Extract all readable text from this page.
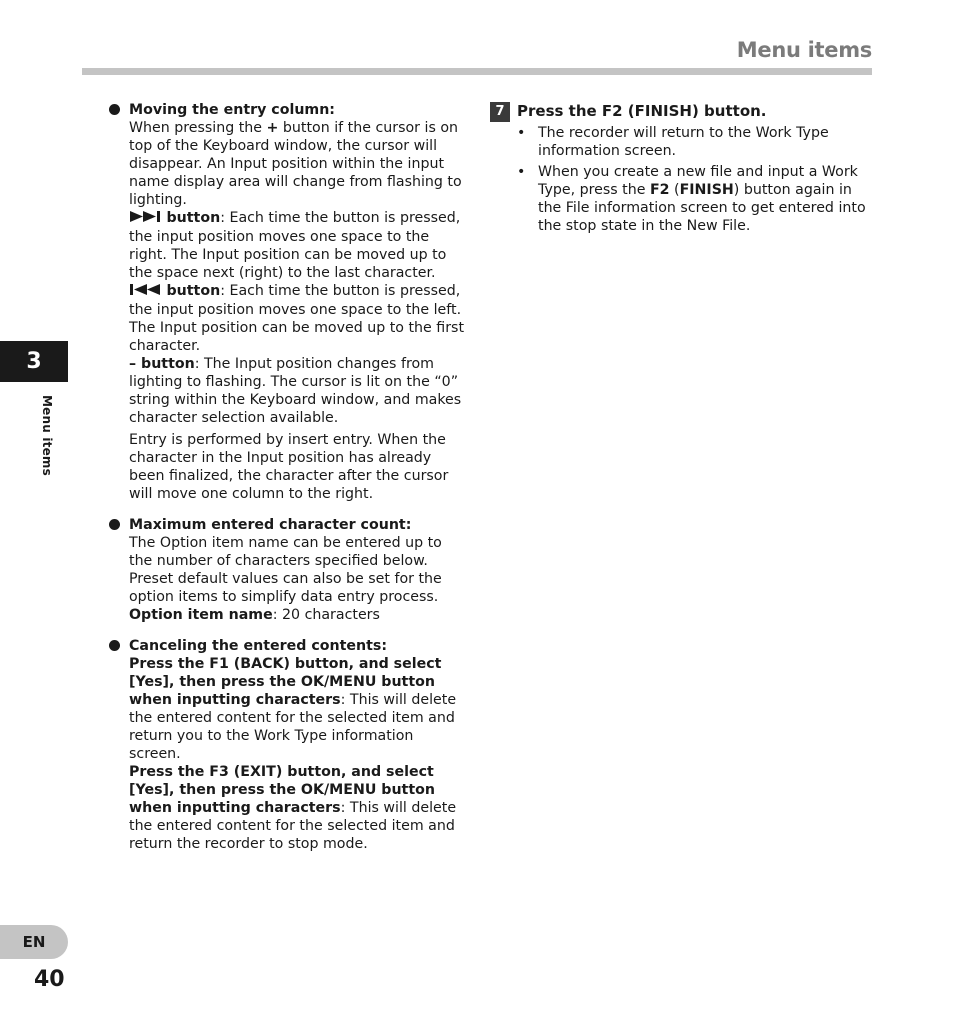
Menu items
3
Menu items
EN
40

Moving the entry column:

When pressing the + button if the cursor is on top of the Keyboard window, the cursor will disappear. An Input position within the input name display area will change from flashing to lighting.

button: Each time the button is pressed, the input position moves one space to the right. The Input position can be moved up to the space next (right) to the last character.

button: Each time the button is pressed, the input position moves one space to the left. The Input position can be moved up to the first character.

– button: The Input position changes from lighting to flashing. The cursor is lit on the “0” string within the Keyboard window, and makes character selection available.

Entry is performed by insert entry. When the character in the Input position has already been finalized, the character after the cursor will move one column to the right.

Maximum entered character count:

The Option item name can be entered up to the number of characters specified below. Preset default values can also be set for the option items to simplify data entry process.

Option item name: 20 characters

Canceling the entered contents:

Press the F1 (BACK) button, and select [Yes], then press the OK/MENU button when inputting characters: This will delete the entered content for the selected item and return you to the Work Type information screen.

Press the F3 (EXIT) button, and select [Yes], then press the OK/MENU button when inputting characters: This will delete the entered content for the selected item and return the recorder to stop mode.

7 Press the F2 (FINISH) button.
• The recorder will return to the Work Type information screen.
• When you create a new file and input a Work Type, press the F2 (FINISH) button again in the File information screen to get entered into the stop state in the New File.
